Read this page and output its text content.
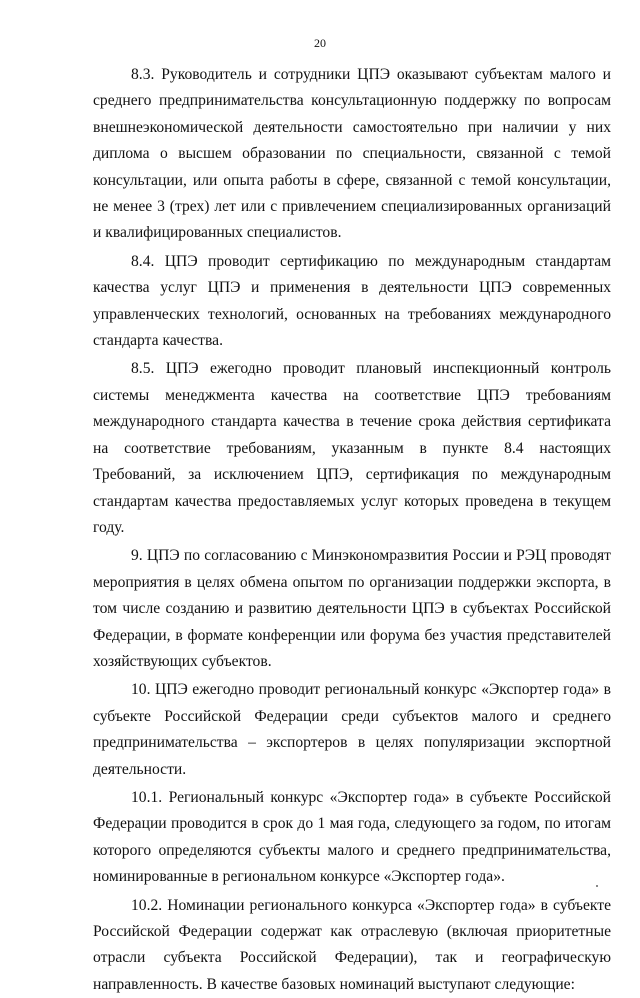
20

8.3. Руководитель и сотрудники ЦПЭ оказывают субъектам малого и среднего предпринимательства консультационную поддержку по вопросам внешнеэкономической деятельности самостоятельно при наличии у них диплома о высшем образовании по специальности, связанной с темой консультации, или опыта работы в сфере, связанной с темой консультации, не менее 3 (трех) лет или с привлечением специализированных организаций и квалифицированных специалистов.

8.4. ЦПЭ проводит сертификацию по международным стандартам качества услуг ЦПЭ и применения в деятельности ЦПЭ современных управленческих технологий, основанных на требованиях международного стандарта качества.

8.5. ЦПЭ ежегодно проводит плановый инспекционный контроль системы менеджмента качества на соответствие ЦПЭ требованиям международного стандарта качества в течение срока действия сертификата на соответствие требованиям, указанным в пункте 8.4 настоящих Требований, за исключением ЦПЭ, сертификация по международным стандартам качества предоставляемых услуг которых проведена в текущем году.

9. ЦПЭ по согласованию с Минэкономразвития России и РЭЦ проводят мероприятия в целях обмена опытом по организации поддержки экспорта, в том числе созданию и развитию деятельности ЦПЭ в субъектах Российской Федерации, в формате конференции или форума без участия представителей хозяйствующих субъектов.

10. ЦПЭ ежегодно проводит региональный конкурс «Экспортер года» в субъекте Российской Федерации среди субъектов малого и среднего предпринимательства – экспортеров в целях популяризации экспортной деятельности.

10.1. Региональный конкурс «Экспортер года» в субъекте Российской Федерации проводится в срок до 1 мая года, следующего за годом, по итогам которого определяются субъекты малого и среднего предпринимательства, номинированные в региональном конкурсе «Экспортер года».

10.2. Номинации регионального конкурса «Экспортер года» в субъекте Российской Федерации содержат как отраслевую (включая приоритетные отрасли субъекта Российской Федерации), так и географическую направленность. В качестве базовых номинаций выступают следующие:
